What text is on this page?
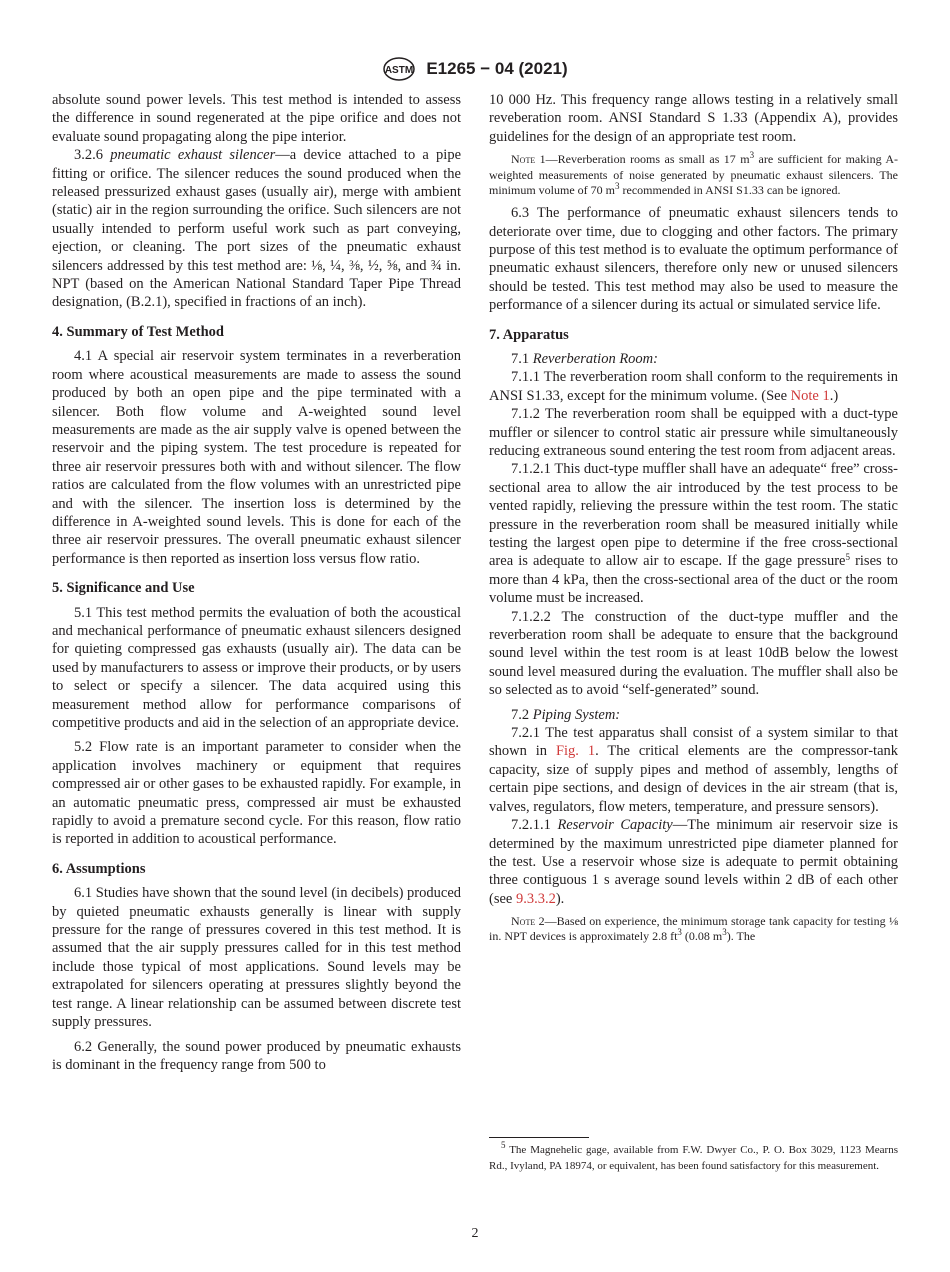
ASTM E1265 − 04 (2021)

absolute sound power levels. This test method is intended to assess the difference in sound regenerated at the pipe orifice and does not evaluate sound propagating along the pipe interior.

3.2.6 pneumatic exhaust silencer—a device attached to a pipe fitting or orifice. The silencer reduces the sound produced when the released pressurized exhaust gases (usually air), merge with ambient (static) air in the region surrounding the orifice. Such silencers are not usually intended to perform useful work such as part conveying, ejection, or cleaning. The port sizes of the pneumatic exhaust silencers addressed by this test method are: ⅛, ¼, ⅜, ½, ⅝, and ¾ in. NPT (based on the American National Standard Taper Pipe Thread designation, (B.2.1), specified in fractions of an inch).

4. Summary of Test Method

4.1 A special air reservoir system terminates in a reverberation room where acoustical measurements are made to assess the sound produced by both an open pipe and the pipe terminated with a silencer. Both flow volume and A-weighted sound level measurements are made as the air supply valve is opened between the reservoir and the piping system. The test procedure is repeated for three air reservoir pressures both with and without silencer. The flow ratios are calculated from the flow volumes with an unrestricted pipe and with the silencer. The insertion loss is determined by the difference in A-weighted sound levels. This is done for each of the three air reservoir pressures. The overall pneumatic exhaust silencer performance is then reported as insertion loss versus flow ratio.

5. Significance and Use

5.1 This test method permits the evaluation of both the acoustical and mechanical performance of pneumatic exhaust silencers designed for quieting compressed gas exhausts (usually air). The data can be used by manufacturers to assess or improve their products, or by users to select or specify a silencer. The data acquired using this measurement method allow for performance comparisons of competitive products and aid in the selection of an appropriate device.

5.2 Flow rate is an important parameter to consider when the application involves machinery or equipment that requires compressed air or other gases to be exhausted rapidly. For example, in an automatic pneumatic press, compressed air must be exhausted rapidly to avoid a premature second cycle. For this reason, flow ratio is reported in addition to acoustical performance.

6. Assumptions

6.1 Studies have shown that the sound level (in decibels) produced by quieted pneumatic exhausts generally is linear with supply pressure for the range of pressures covered in this test method. It is assumed that the air supply pressures called for in this test method include those typical of most applications. Sound levels may be extrapolated for silencers operating at pressures slightly beyond the test range. A linear relationship can be assumed between discrete test supply pressures.

6.2 Generally, the sound power produced by pneumatic exhausts is dominant in the frequency range from 500 to

10 000 Hz. This frequency range allows testing in a relatively small reveberation room. ANSI Standard S 1.33 (Appendix A), provides guidelines for the design of an appropriate test room.

Note 1—Reverberation rooms as small as 17 $m^3$ are sufficient for making A-weighted measurements of noise generated by pneumatic exhaust silencers. The minimum volume of 70 $m^3$ recommended in ANSI S1.33 can be ignored.

6.3 The performance of pneumatic exhaust silencers tends to deteriorate over time, due to clogging and other factors. The primary purpose of this test method is to evaluate the optimum performance of pneumatic exhaust silencers, therefore only new or unused silencers should be tested. This test method may also be used to measure the performance of a silencer during its actual or simulated service life.

7. Apparatus

7.1 Reverberation Room:

7.1.1 The reverberation room shall conform to the requirements in ANSI S1.33, except for the minimum volume. (See Note 1.)

7.1.2 The reverberation room shall be equipped with a duct-type muffler or silencer to control static air pressure while simultaneously reducing extraneous sound entering the test room from adjacent areas.

7.1.2.1 This duct-type muffler shall have an adequate“ free” cross-sectional area to allow the air introduced by the test process to be vented rapidly, relieving the pressure within the test room. The static pressure in the reverberation room shall be measured initially while testing the largest open pipe to determine if the free cross-sectional area is adequate to allow air to escape. If the gage pressure$^5$ rises to more than 4 kPa, then the cross-sectional area of the duct or the room volume must be increased.

7.1.2.2 The construction of the duct-type muffler and the reverberation room shall be adequate to ensure that the background sound level within the test room is at least 10dB below the lowest sound level measured during the evaluation. The muffler shall also be so selected as to avoid “self-generated” sound.

7.2 Piping System:

7.2.1 The test apparatus shall consist of a system similar to that shown in Fig. 1. The critical elements are the compressor-tank capacity, size of supply pipes and method of assembly, lengths of certain pipe sections, and design of devices in the air stream (that is, valves, regulators, flow meters, temperature, and pressure sensors).

7.2.1.1 Reservoir Capacity—The minimum air reservoir size is determined by the maximum unrestricted pipe diameter planned for the test. Use a reservoir whose size is adequate to permit obtaining three contiguous 1 s average sound levels within 2 dB of each other (see 9.3.3.2).

Note 2—Based on experience, the minimum storage tank capacity for testing ⅛ in. NPT devices is approximately 2.8 $ft^3$ (0.08 $m^3$). The

$^5$ The Magnehelic gage, available from F.W. Dwyer Co., P. O. Box 3029, 1123 Mearns Rd., Ivyland, PA 18974, or equivalent, has been found satisfactory for this measurement.
2
